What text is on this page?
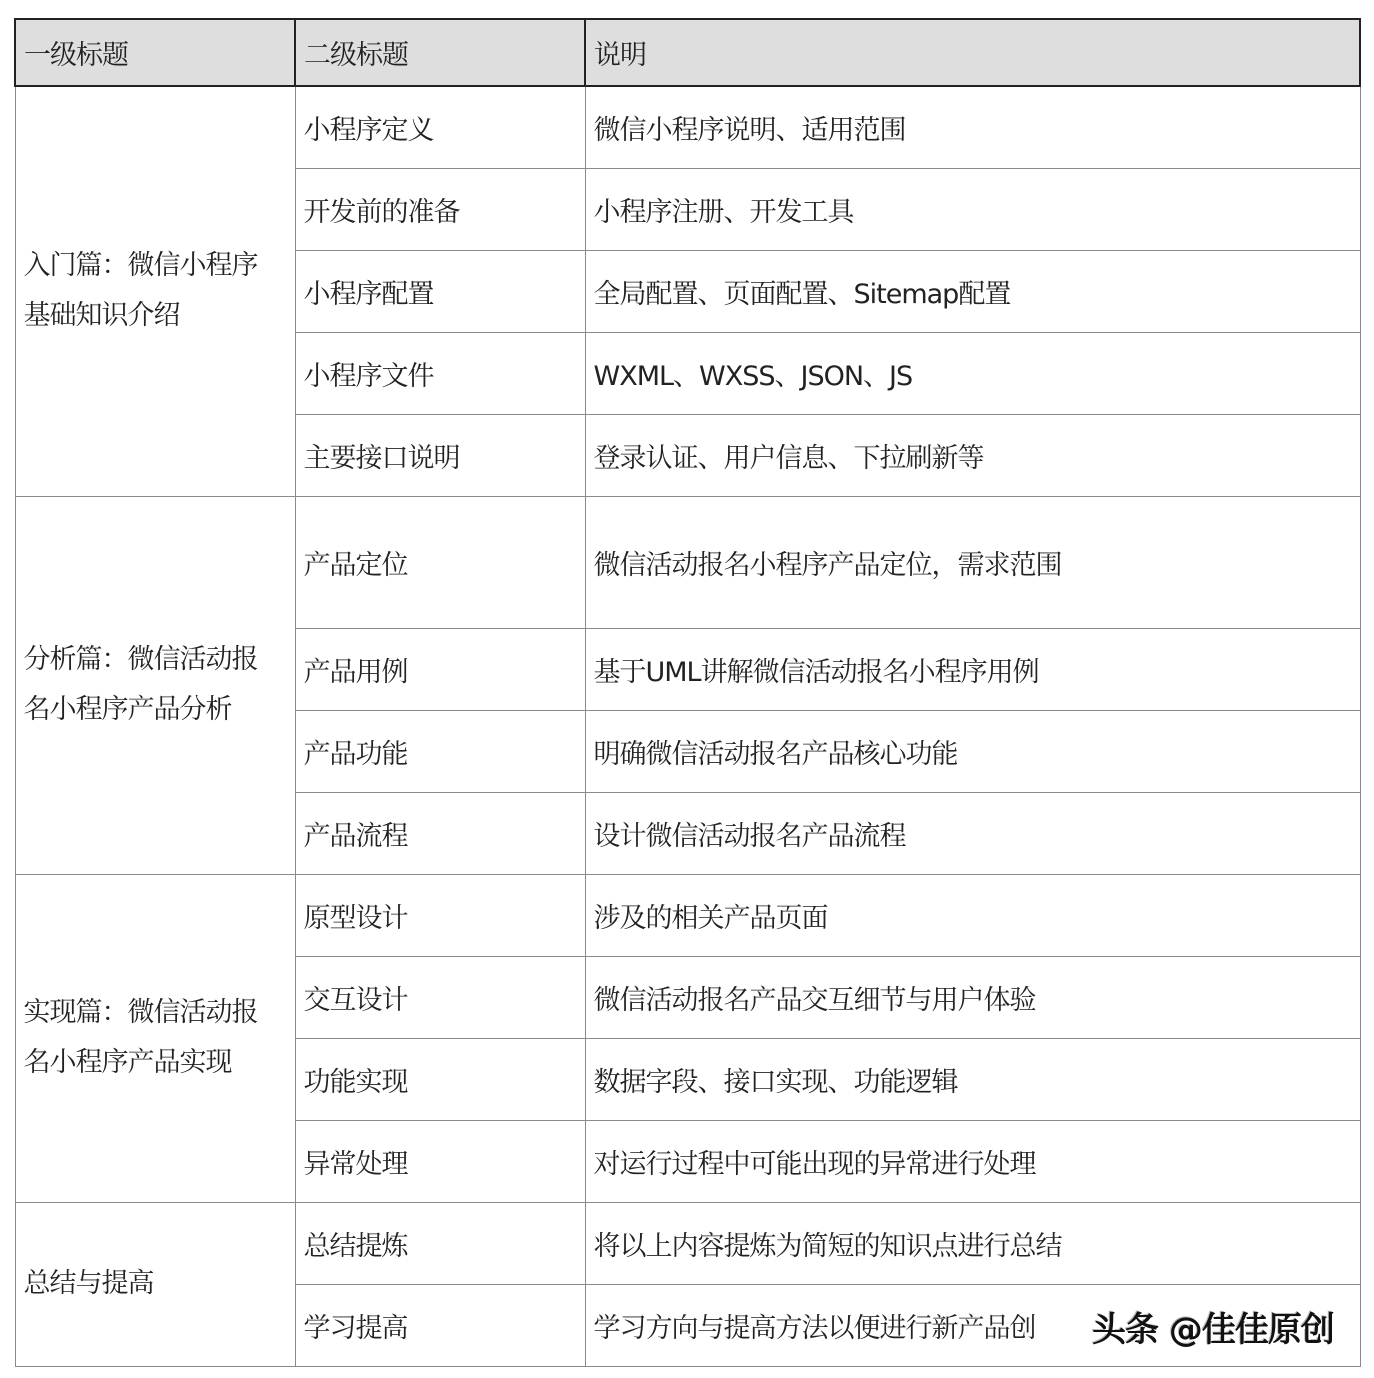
一级标题	二级标题	说明
入门篇：微信小程序基础知识介绍	小程序定义	微信小程序说明、适用范围
	开发前的准备	小程序注册、开发工具
	小程序配置	全局配置、页面配置、Sitemap配置
	小程序文件	WXML、WXSS、JSON、JS
	主要接口说明	登录认证、用户信息、下拉刷新等
分析篇：微信活动报名小程序产品分析	产品定位	微信活动报名小程序产品定位，需求范围
	产品用例	基于UML讲解微信活动报名小程序用例
	产品功能	明确微信活动报名产品核心功能
	产品流程	设计微信活动报名产品流程
实现篇：微信活动报名小程序产品实现	原型设计	涉及的相关产品页面
	交互设计	微信活动报名产品交互细节与用户体验
	功能实现	数据字段、接口实现、功能逻辑
	异常处理	对运行过程中可能出现的异常进行处理
总结与提高	总结提炼	将以上内容提炼为简短的知识点进行总结
	学习提高	学习方向与提高方法以便进行新产品创 头条 @佳佳原创
